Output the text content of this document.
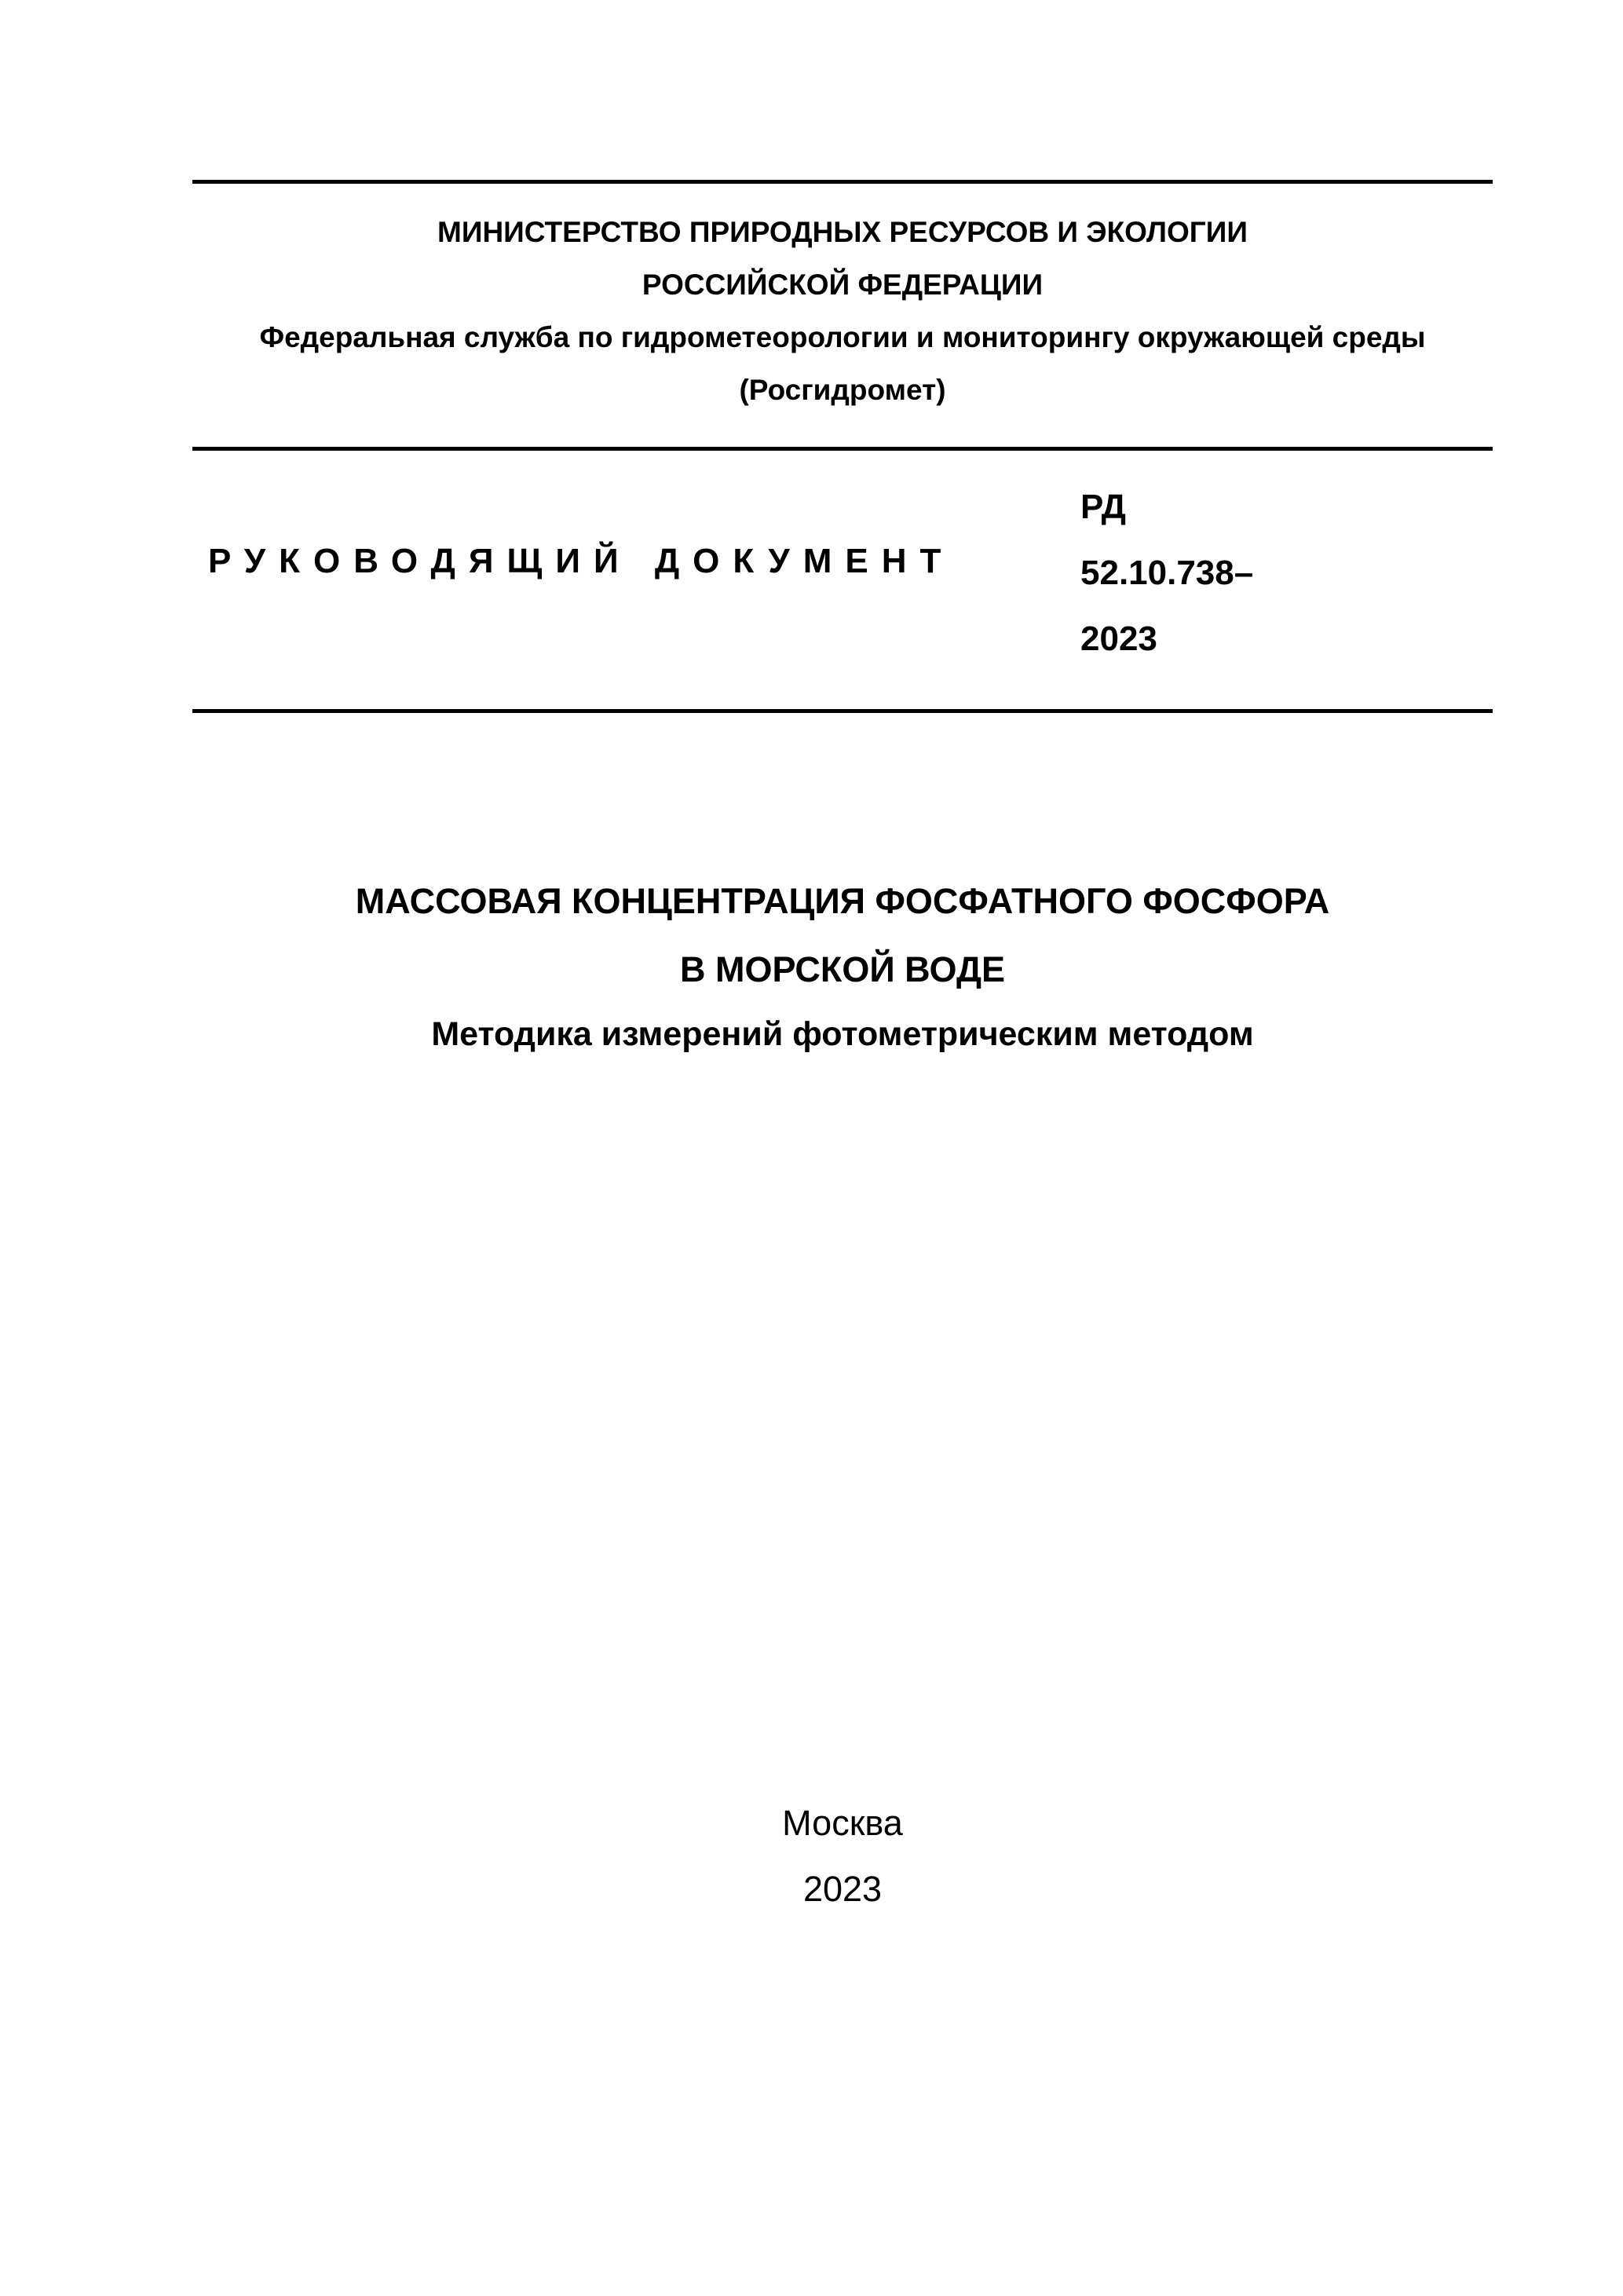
МИНИСТЕРСТВО ПРИРОДНЫХ РЕСУРСОВ И ЭКОЛОГИИ
РОССИЙСКОЙ ФЕДЕРАЦИИ
Федеральная служба по гидрометеорологии и мониторингу окружающей среды
(Росгидромет)
РУКОВОДЯЩИЙ ДОКУМЕНТ
РД
52.10.738–
2023
МАССОВАЯ КОНЦЕНТРАЦИЯ ФОСФАТНОГО ФОСФОРА
В МОРСКОЙ ВОДЕ
Методика измерений фотометрическим методом
Москва
2023
